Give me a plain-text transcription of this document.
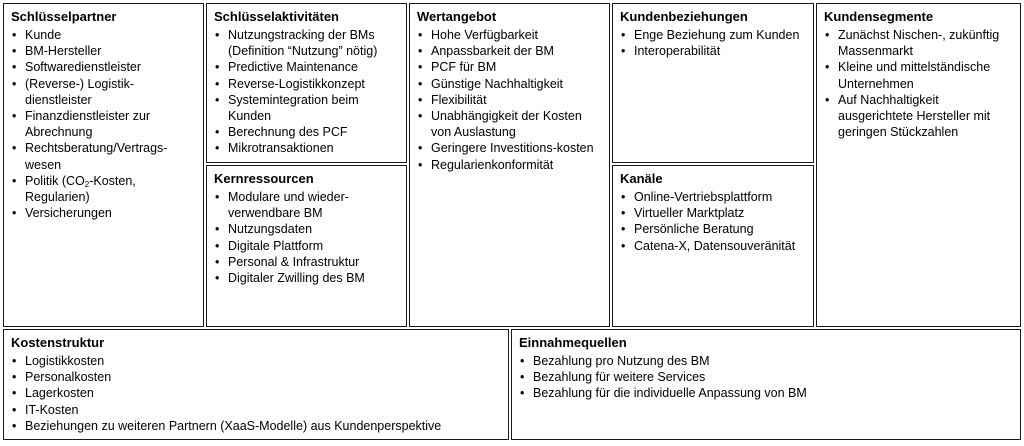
Schlüsselpartner
• Kunde
• BM-Hersteller
• Softwaredienstleister
• (Reverse-) Logistik-dienstleister
• Finanzdienstleister zur Abrechnung
• Rechtsberatung/Vertrags-wesen
• Politik ($CO_2$-Kosten, Regularien)
• Versicherungen
Schlüsselaktivitäten
• Nutzungstracking der BMs (Definition “Nutzung” nötig)
• Predictive Maintenance
• Reverse-Logistikkonzept
• Systemintegration beim Kunden
• Berechnung des PCF
• Mikrotransaktionen
Kernressourcen
• Modulare und wieder-verwendbare BM
• Nutzungsdaten
• Digitale Plattform
• Personal & Infrastruktur
• Digitaler Zwilling des BM
Wertangebot
• Hohe Verfügbarkeit
• Anpassbarkeit der BM
• PCF für BM
• Günstige Nachhaltigkeit
• Flexibilität
• Unabhängigkeit der Kosten von Auslastung
• Geringere Investitions-kosten
• Regularienkonformität
Kundenbeziehungen
• Enge Beziehung zum Kunden
• Interoperabilität
Kanäle
• Online-Vertriebsplattform
• Virtueller Marktplatz
• Persönliche Beratung
• Catena-X, Datensouveränität
Kundensegmente
• Zunächst Nischen-, zukünftig Massenmarkt
• Kleine und mittelständische Unternehmen
• Auf Nachhaltigkeit ausgerichtete Hersteller mit geringen Stückzahlen
Kostenstruktur
• Logistikkosten
• Personalkosten
• Lagerkosten
• IT-Kosten
• Beziehungen zu weiteren Partnern (XaaS-Modelle) aus Kundenperspektive
Einnahmequellen
• Bezahlung pro Nutzung des BM
• Bezahlung für weitere Services
• Bezahlung für die individuelle Anpassung von BM
